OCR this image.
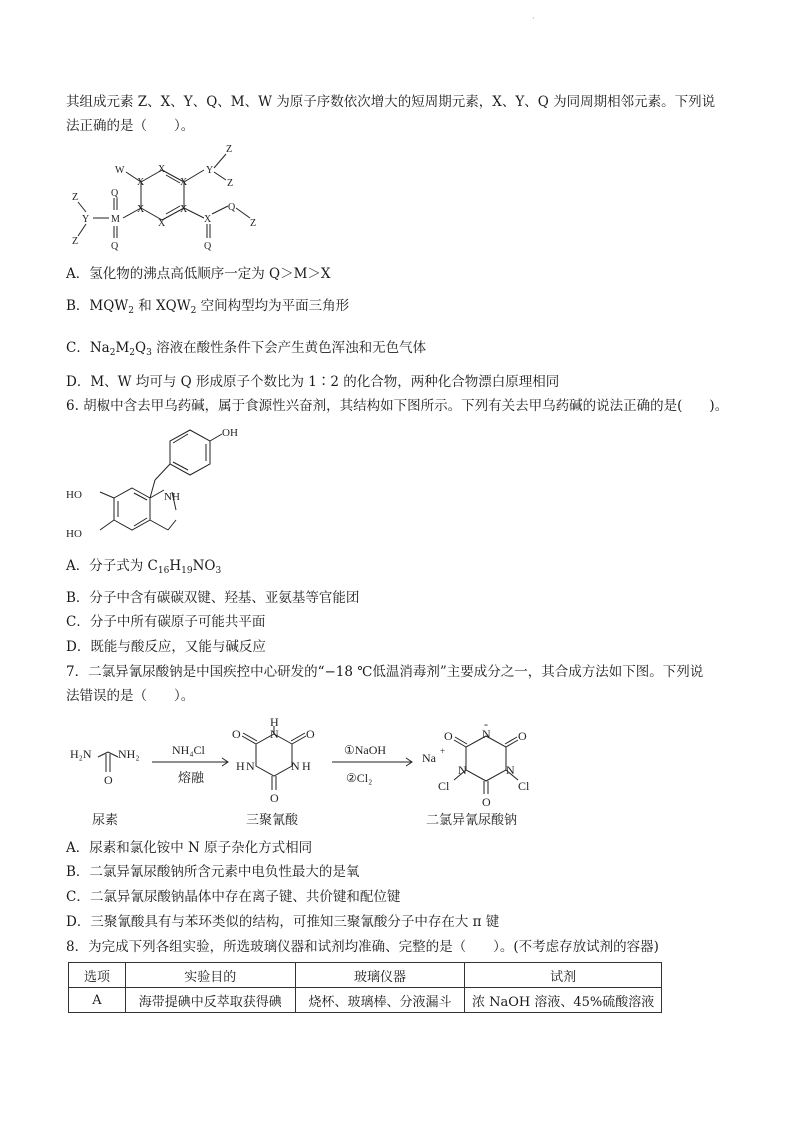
·
其组成元素 Z、X、Y、Q、M、W 为原子序数依次增大的短周期元素，X、Y、Q 为同周期相邻元素。下列说
法正确的是（　　）。
W
X
X
X
X
X
X
Y
Z
Z
Q
M
Q
Y
Z
Z
X
Q
Q
Z
A．氢化物的沸点高低顺序一定为 Q＞M＞X
B．$MQW_2$ 和 $XQW_2$ 空间构型均为平面三角形
C．$Na_2M_2Q_3$ 溶液在酸性条件下会产生黄色浑浊和无色气体
D．M、W 均可与 Q 形成原子个数比为 1∶2 的化合物，两种化合物漂白原理相同
6. 胡椒中含去甲乌药碱，属于食源性兴奋剂，其结构如下图所示。下列有关去甲乌药碱的说法正确的是(　　)。
OH
HO
HO
NH
A．分子式为 $C_{16}H_{19}NO_3$
B．分子中含有碳碳双键、羟基、亚氨基等官能团
C．分子中所有碳原子可能共平面
D．既能与酸反应，又能与碱反应
7．二氯异氰尿酸钠是中国疾控中心研发的“−18 ℃低温消毒剂”主要成分之一，其合成方法如下图。下列说
法错误的是（　　）。
H₂N NH₂
O
尿素
NH₄Cl
熔融
H
N O
O
H N	N H
O
三聚氰酸
①NaOH
②Cl₂
Na +
N
-
O
O
N	N
Cl	Cl
O
二氯异氰尿酸钠
A．尿素和氯化铵中 N 原子杂化方式相同
B．二氯异氰尿酸钠所含元素中电负性最大的是氧
C．二氯异氰尿酸钠晶体中存在离子键、共价键和配位键
D．三聚氰酸具有与苯环类似的结构，可推知三聚氰酸分子中存在大 π 键
8．为完成下列各组实验，所选玻璃仪器和试剂均准确、完整的是（　　）。(不考虑存放试剂的容器)
选项	实验目的	玻璃仪器	试剂
A	海带提碘中反萃取获得碘	烧杯、玻璃棒、分液漏斗	浓 NaOH 溶液、45%硫酸溶液
